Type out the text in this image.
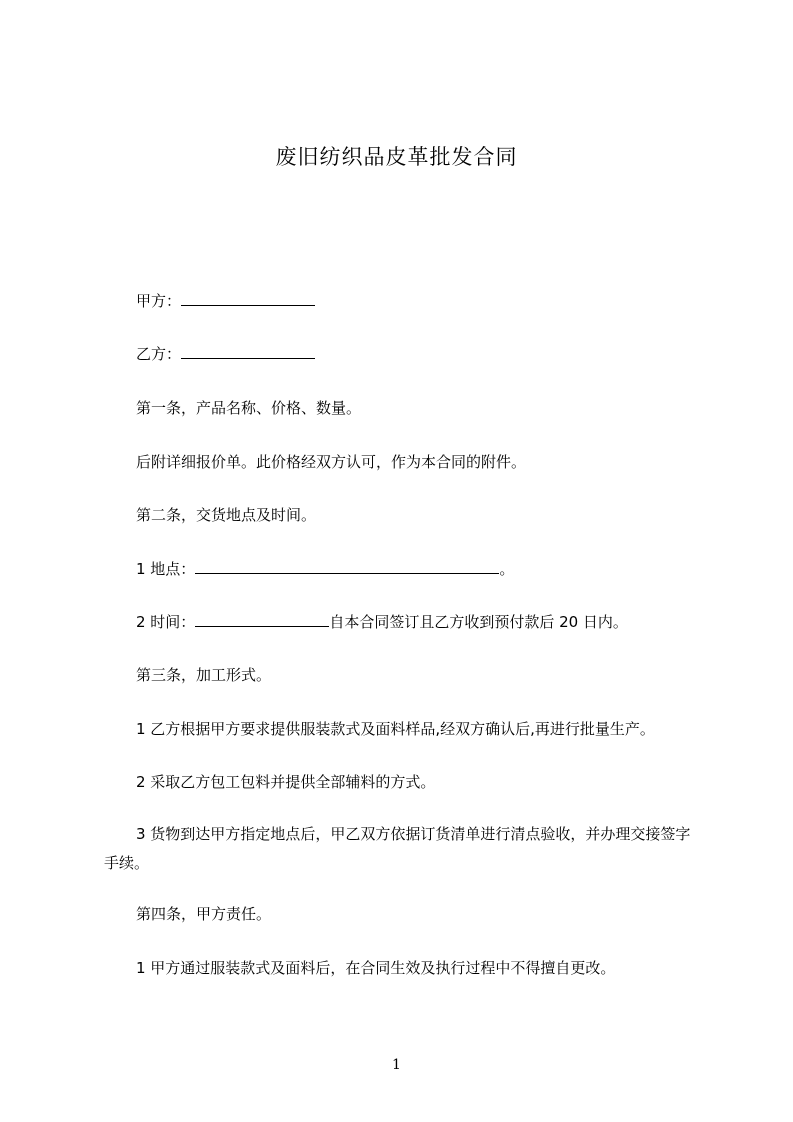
废旧纺织品皮革批发合同
甲方：
乙方：
第一条，产品名称、价格、数量。
后附详细报价单。此价格经双方认可，作为本合同的附件。
第二条，交货地点及时间。
1 地点：	。
2 时间：	自本合同签订且乙方收到预付款后 20 日内。
第三条，加工形式。
1 乙方根据甲方要求提供服装款式及面料样品,经双方确认后,再进行批量生产。
2 采取乙方包工包料并提供全部辅料的方式。
3 货物到达甲方指定地点后，甲乙双方依据订货清单进行清点验收，并办理交接签字手续。
第四条，甲方责任。
1 甲方通过服装款式及面料后，在合同生效及执行过程中不得擅自更改。
1
